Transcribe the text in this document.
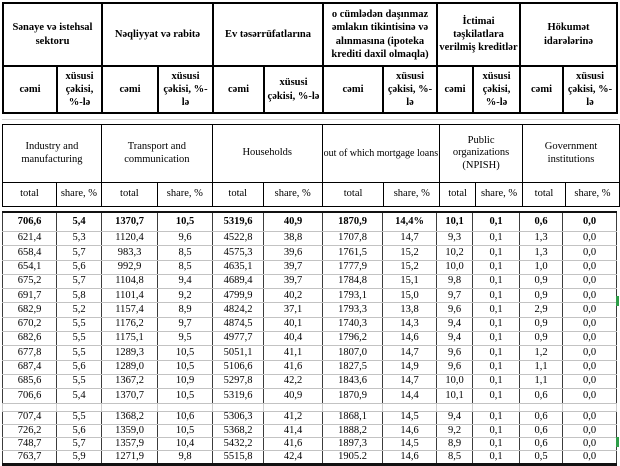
Sənaye və istehsal sektoru		Nəqliyyat və rabitə		Ev təsərrüfatlarına		o cümlədən daşınmaz əmlakın tikintisinə və alınmasına (ipoteka krediti daxil olmaqla)		İctimai təşkilatlara verilmiş kreditlər		Hökumət idarələrinə	
cəmi	xüsusi çəkisi, %-lə	cəmi	xüsusi çəkisi, %-lə	cəmi	xüsusi çəkisi, %-lə	cəmi	xüsusi çəkisi, %-lə	cəmi	xüsusi çəkisi, %-lə	cəmi	xüsusi çəkisi, %-lə
Industry and manufacturing		Transport and communication		Households		out of which mortgage loans		Public organizations (NPISH)		Government institutions	
total	share, %	total	share, %	total	share, %	total	share, %	total	share, %	total	share, %
706,6	5,4	1370,7	10,5	5319,6	40,9	1870,9	14,4%	10,1	0,1	0,6	0,0
621,4	5,3	1120,4	9,6	4522,8	38,8	1707,8	14,7	9,3	0,1	1,3	0,0
658,4	5,7	983,3	8,5	4575,3	39,6	1761,5	15,2	10,2	0,1	1,3	0,0
654,1	5,6	992,9	8,5	4635,1	39,7	1777,9	15,2	10,0	0,1	1,0	0,0
675,2	5,7	1104,8	9,4	4689,4	39,7	1784,8	15,1	9,8	0,1	0,9	0,0
691,7	5,8	1101,4	9,2	4799,9	40,2	1793,1	15,0	9,7	0,1	0,9	0,0
682,9	5,2	1157,4	8,9	4824,2	37,1	1793,3	13,8	9,6	0,1	2,9	0,0
670,2	5,5	1176,2	9,7	4874,5	40,1	1740,3	14,3	9,4	0,1	0,9	0,0
682,6	5,5	1175,1	9,5	4977,7	40,4	1796,2	14,6	9,4	0,1	0,9	0,0
677,8	5,5	1289,3	10,5	5051,1	41,1	1807,0	14,7	9,6	0,1	1,2	0,0
687,4	5,6	1289,0	10,5	5106,6	41,6	1827,5	14,9	9,6	0,1	1,1	0,0
685,6	5,5	1367,2	10,9	5297,8	42,2	1843,6	14,7	10,0	0,1	1,1	0,0
706,6	5,4	1370,7	10,5	5319,6	40,9	1870,9	14,4	10,1	0,1	0,6	0,0

707,4	5,5	1368,2	10,6	5306,3	41,2	1868,1	14,5	9,4	0,1	0,6	0,0
726,2	5,6	1359,0	10,5	5368,2	41,4	1888,2	14,6	9,2	0,1	0,6	0,0
748,7	5,7	1357,9	10,4	5432,2	41,6	1897,3	14,5	8,9	0,1	0,6	0,0
763,7	5,9	1271,9	9,8	5515,8	42,4	1905.2	14,6	8,5	0,1	0,5	0,0
